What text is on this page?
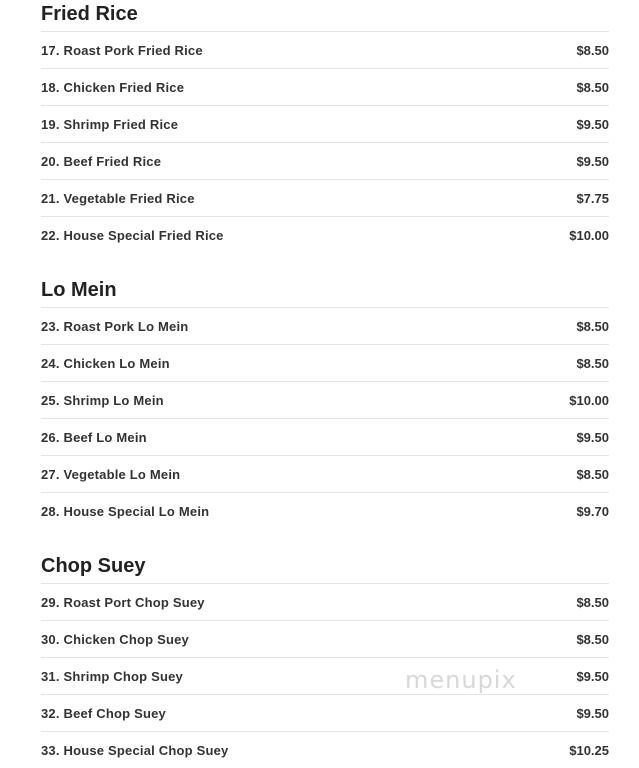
Fried Rice
17. Roast Pork Fried Rice	$8.50
18. Chicken Fried Rice	$8.50
19. Shrimp Fried Rice	$9.50
20. Beef Fried Rice	$9.50
21. Vegetable Fried Rice	$7.75
22. House Special Fried Rice	$10.00
Lo Mein
23. Roast Pork Lo Mein	$8.50
24. Chicken Lo Mein	$8.50
25. Shrimp Lo Mein	$10.00
26. Beef Lo Mein	$9.50
27. Vegetable Lo Mein	$8.50
28. House Special Lo Mein	$9.70
Chop Suey
29. Roast Port Chop Suey	$8.50
30. Chicken Chop Suey	$8.50
31. Shrimp Chop Suey	$9.50
32. Beef Chop Suey	$9.50
33. House Special Chop Suey	$10.25
menupix
